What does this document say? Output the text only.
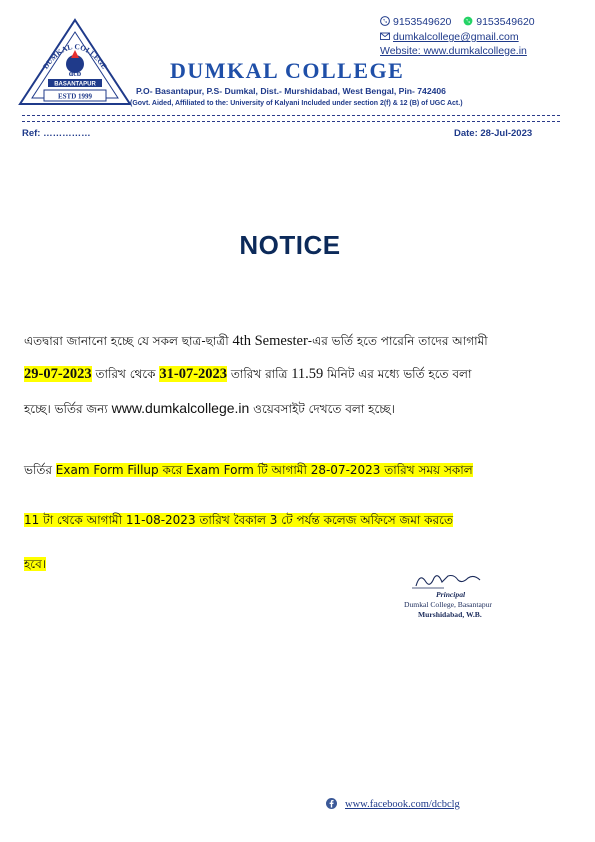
DUMKAL COLLEGE
dcb
BASANTAPUR
ESTD 1999
9153549620 9153549620
dumkalcollege@gmail.com
Website: www.dumkalcollege.in
DUMKAL COLLEGE
P.O- Basantapur, P.S- Dumkal, Dist.- Murshidabad, West Bengal, Pin- 742406
(Govt. Aided, Affiliated to the: University of Kalyani Included under section 2(f) & 12 (B) of UGC Act.)
Ref: ……………	Date: 28-Jul-2023
NOTICE
এতদ্বারা জানানো হচ্ছে যে সকল ছাত্র-ছাত্রী 4th Semester-এর ভর্তি হতে পারেনি তাদের আগামী
29-07-2023 তারিখ থেকে 31-07-2023 তারিখ রাত্রি 11.59 মিনিট এর মধ্যে ভর্তি হতে বলা
হচ্ছে। ভর্তির জন্য www.dumkalcollege.in ওয়েবসাইট দেখতে বলা হচ্ছে।
ভর্তির Exam Form Fillup করে Exam Form টি আগামী 28-07-2023 তারিখ সময় সকাল
11 টা থেকে আগামী 11-08-2023 তারিখ বৈকাল 3 টে পর্যন্ত কলেজ অফিসে জমা করতে
হবে।
Principal
Dumkal College, Basantapur
Murshidabad, W.B.
www.facebook.com/dcbclg
